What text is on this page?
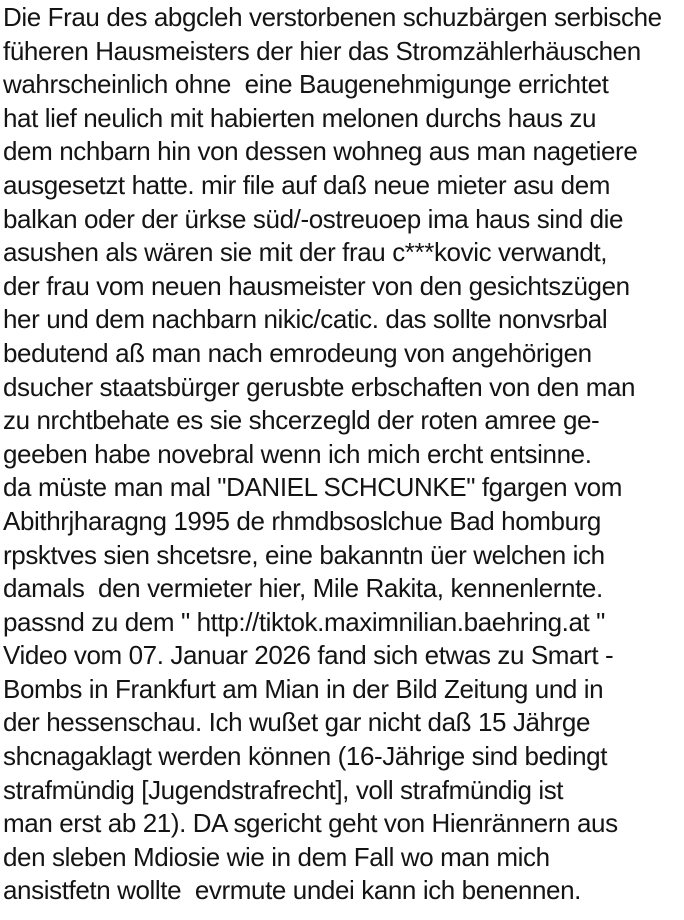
Die Frau des abgcleh verstorbenen schuzbärgen serbische
füheren Hausmeisters der hier das Stromzählerhäuschen
wahrscheinlich ohne  eine Baugenehmigunge errichtet
hat lief neulich mit habierten melonen durchs haus zu
dem nchbarn hin von dessen wohneg aus man nagetiere
ausgesetzt hatte. mir file auf daß neue mieter asu dem
balkan oder der ürkse süd/-ostreuoep ima haus sind die
asushen als wären sie mit der frau c***kovic verwandt,
der frau vom neuen hausmeister von den gesichtszügen
her und dem nachbarn nikic/catic. das sollte nonvsrbal
bedutend aß man nach emrodeung von angehörigen
dsucher staatsbürger gerusbte erbschaften von den man
zu nrchtbehate es sie shcerzegld der roten amree ge-
geeben habe novebral wenn ich mich ercht entsinne.
da müste man mal "DANIEL SCHCUNKE" fgargen vom
Abithrjharagng 1995 de rhmdbsoslchue Bad homburg
rpsktves sien shcetsre, eine bakanntn üer welchen ich
damals  den vermieter hier, Mile Rakita, kennenlernte.
passnd zu dem " http://tiktok.maximnilian.baehring.at "
Video vom 07. Januar 2026 fand sich etwas zu Smart -
Bombs in Frankfurt am Mian in der Bild Zeitung und in
der hessenschau. Ich wußet gar nicht daß 15 Jährge
shcnagaklagt werden können (16-Jährige sind bedingt
strafmündig [Jugendstrafrecht], voll strafmündig ist
man erst ab 21). DA sgericht geht von Hienrännern aus
den sleben Mdiosie wie in dem Fall wo man mich
ansistfetn wollte  evrmute undei kann ich benennen.
